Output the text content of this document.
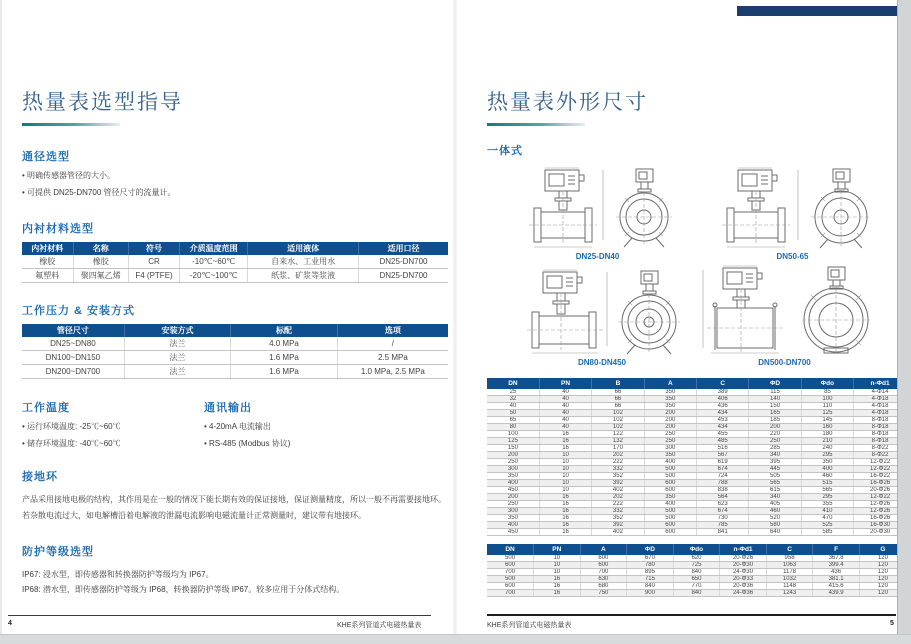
热量表选型指导
通径选型
• 明确传感器管径的大小。
• 可提供 DN25-DN700 管径尺寸的流量计。
内衬材料选型
内衬材料	名称	符号	介质温度范围	适用液体	适用口径
橡胶	橡胶	CR	-10℃~60℃	自来水、工业用水	DN25-DN700
氟塑料	聚四氟乙烯	F4 (PTFE)	-20℃~100℃	纸浆、矿浆等浆液	DN25-DN700
工作压力 & 安装方式
管径尺寸	安装方式	标配	选项
DN25~DN80	法兰	4.0 MPa	/
DN100~DN150	法兰	1.6 MPa	2.5 MPa
DN200~DN700	法兰	1.6 MPa	1.0 MPa, 2.5 MPa
工作温度
• 运行环境温度: -25℃~60℃
• 储存环境温度: -40℃~60℃
通讯输出
• 4-20mA 电流输出
• RS-485 (Modbus 协议)
接地环
产品采用接地电极的结构，其作用是在一般的情况下能长期有效的保证接地，保证测量精度，所以一般不再需要接地环。若杂散电流过大，如电解槽沿着电解液的泄漏电流影响电磁流量计正常测量时，建议带有地接环。
防护等级选型
IP67: 浸水型，即传感器和转换器防护等级均为 IP67。
IP68: 潜水型，即传感器防护等级为 IP68，转换器防护等级 IP67。较多应用于分体式结构。
热量表外形尺寸
一体式

DN25-DN40
	DN50-65

DN80-DN450
	DN500-DN700
DN	PN	B	A	C	ΦD	Φdo	n-Φd1
25	40	66	350	389	115	85	4-Φ14
32	40	66	350	406	140	100	4-Φ18
40	40	66	350	436	150	110	4-Φ18
50	40	102	200	434	165	125	4-Φ18
65	40	102	200	453	185	145	8-Φ18
80	40	102	200	434	200	160	8-Φ18
100	16	122	250	455	220	180	8-Φ18
125	16	132	250	485	250	210	8-Φ18
150	16	170	300	516	285	240	8-Φ22
200	10	202	350	567	340	295	8-Φ22
250	10	222	400	619	395	350	12-Φ22
300	10	332	500	674	445	400	12-Φ22
350	10	352	500	724	505	460	16-Φ22
400	10	392	600	788	565	515	16-Φ26
450	10	402	600	838	615	565	20-Φ26
200	16	202	350	564	340	295	12-Φ22
250	16	222	400	623	405	355	12-Φ26
300	16	332	500	674	460	410	12-Φ26
350	16	352	500	730	520	470	16-Φ26
400	16	392	600	785	580	525	16-Φ30
450	16	402	600	841	640	585	20-Φ30
DN	PN	A	ΦD	Φdo	n-Φd1	C	F	G
500	10	600	670	620	20-Φ26	958	367.8	120
600	10	600	780	725	20-Φ30	1063	399.4	120
700	10	700	895	840	24-Φ30	1178	436	120
500	16	630	715	650	20-Φ33	1032	381.1	120
600	16	680	840	770	20-Φ36	1148	415.6	120
700	16	750	900	840	24-Φ36	1243	439.9	120
4	KHE系列管道式电磁热量表	KHE系列管道式电磁热量表	5
